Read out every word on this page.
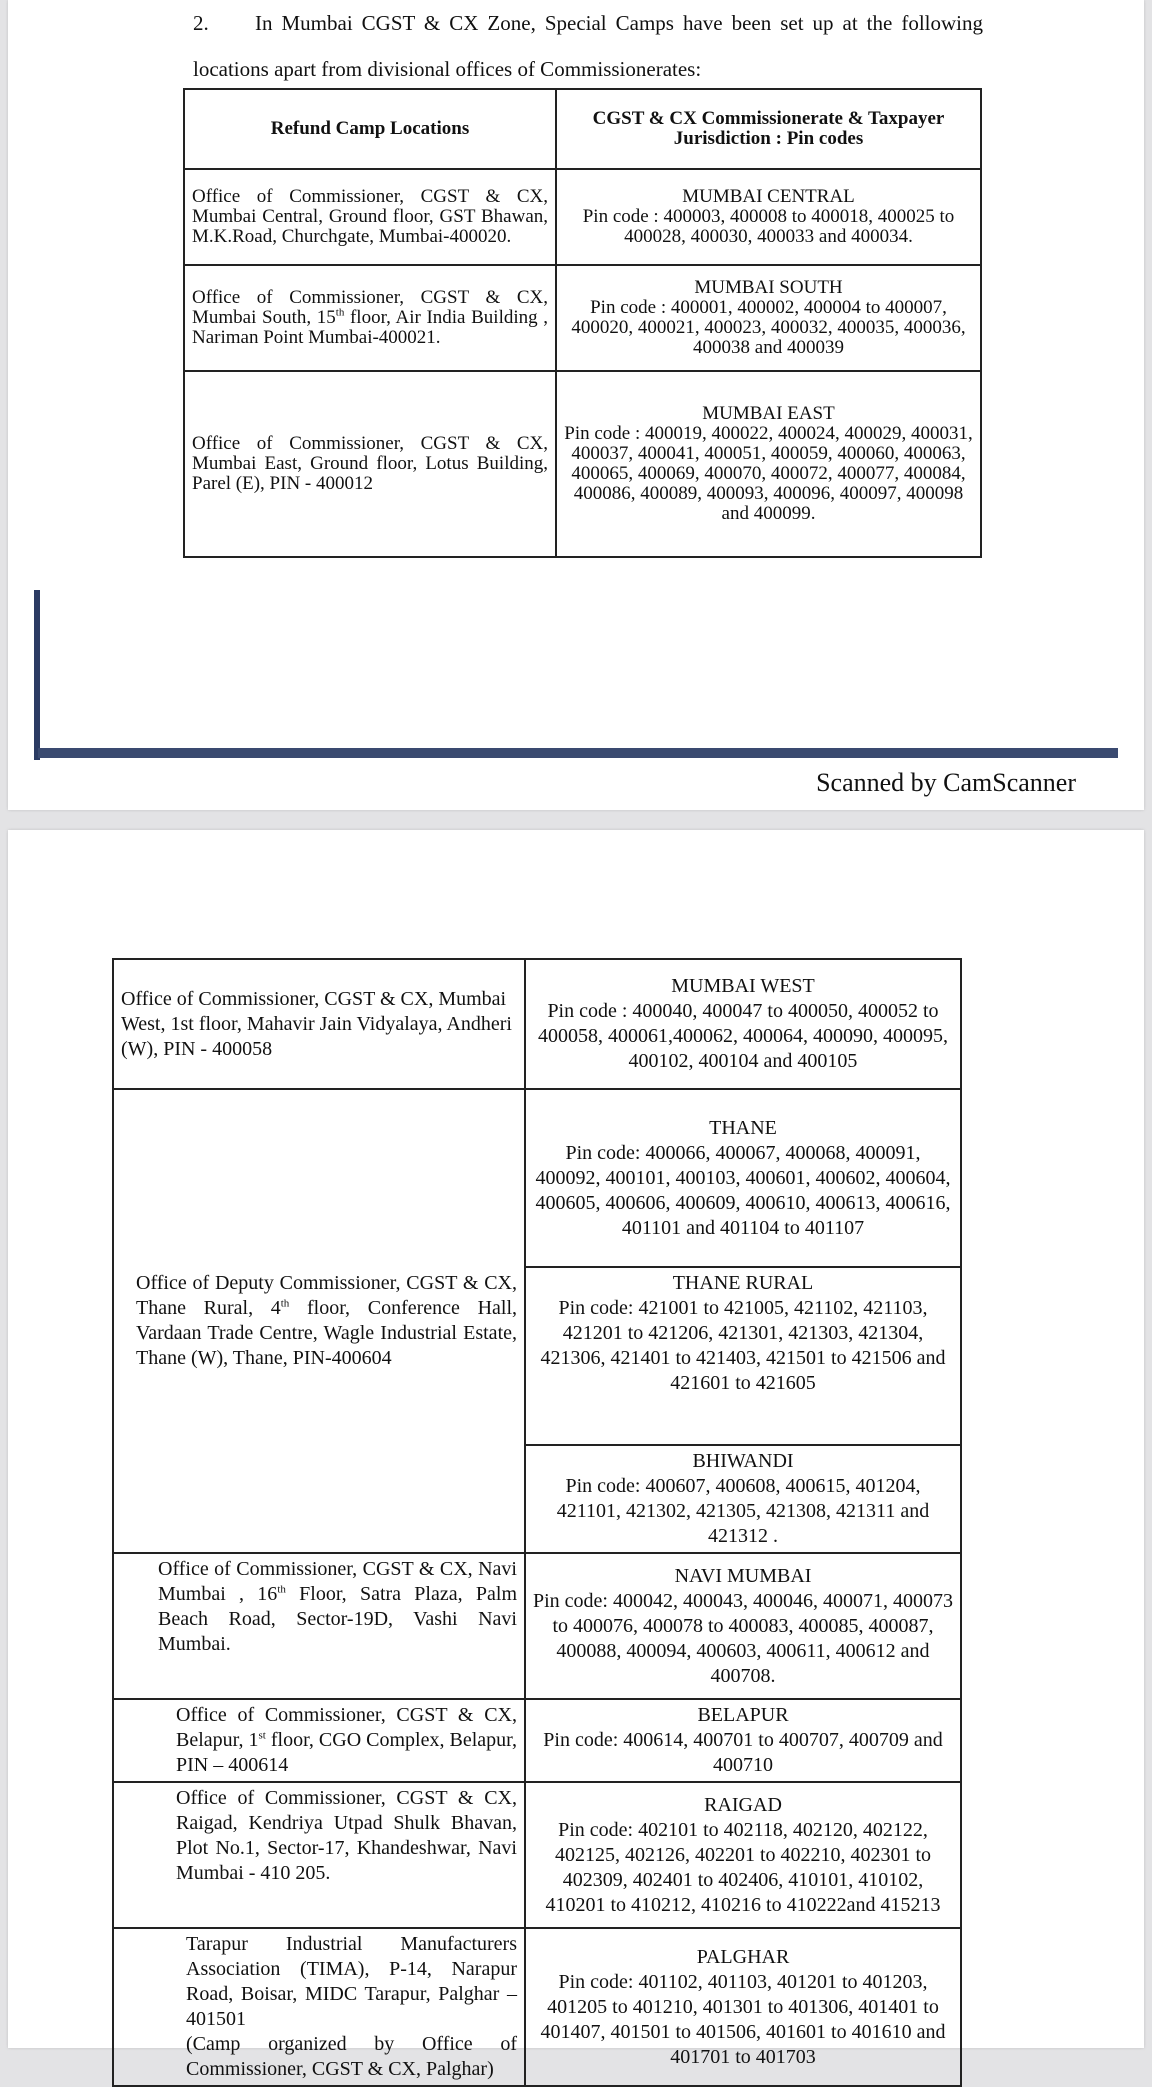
2. In Mumbai CGST & CX Zone, Special Camps have been set up at the following locations apart from divisional offices of Commissionerates:
Refund Camp Locations	CGST & CX Commissionerate & Taxpayer Jurisdiction : Pin codes
Office of Commissioner, CGST & CX, Mumbai Central, Ground floor, GST Bhawan, M.K.Road, Churchgate, Mumbai-400020.	MUMBAI CENTRAL
Pin code : 400003, 400008 to 400018, 400025 to 400028, 400030, 400033 and 400034.

Office of Commissioner, CGST & CX, Mumbai South, 15th floor, Air India Building , Nariman Point Mumbai-400021.	MUMBAI SOUTH
Pin code : 400001, 400002, 400004 to 400007, 400020, 400021, 400023, 400032, 400035, 400036, 400038 and 400039

Office of Commissioner, CGST & CX, Mumbai East, Ground floor, Lotus Building, Parel (E), PIN - 400012	MUMBAI EAST
Pin code : 400019, 400022, 400024, 400029, 400031, 400037, 400041, 400051, 400059, 400060, 400063, 400065, 400069, 400070, 400072, 400077, 400084, 400086, 400089, 400093, 400096, 400097, 400098 and 400099.
Scanned by CamScanner
Office of Commissioner, CGST & CX, Mumbai West, 1st floor, Mahavir Jain Vidyalaya, Andheri (W), PIN - 400058	MUMBAI WEST
Pin code : 400040, 400047 to 400050, 400052 to 400058, 400061,400062, 400064, 400090, 400095, 400102, 400104 and 400105

Office of Deputy Commissioner, CGST & CX, Thane Rural, 4th floor, Conference Hall, Vardaan Trade Centre, Wagle Industrial Estate, Thane (W), Thane, PIN-400604	THANE
Pin code: 400066, 400067, 400068, 400091, 400092, 400101, 400103, 400601, 400602, 400604, 400605, 400606, 400609, 400610, 400613, 400616, 401101 and 401104 to 401107

	THANE RURAL
Pin code: 421001 to 421005, 421102, 421103, 421201 to 421206, 421301, 421303, 421304, 421306, 421401 to 421403, 421501 to 421506 and 421601 to 421605

	BHIWANDI
Pin code: 400607, 400608, 400615, 401204, 421101, 421302, 421305, 421308, 421311 and 421312 .

Office of Commissioner, CGST & CX, Navi Mumbai , 16th Floor, Satra Plaza, Palm Beach Road, Sector-19D, Vashi Navi Mumbai.	NAVI MUMBAI
Pin code: 400042, 400043, 400046, 400071, 400073 to 400076, 400078 to 400083, 400085, 400087, 400088, 400094, 400603, 400611, 400612 and 400708.

Office of Commissioner, CGST & CX, Belapur, 1st floor, CGO Complex, Belapur, PIN – 400614	BELAPUR
Pin code: 400614, 400701 to 400707, 400709 and 400710

Office of Commissioner, CGST & CX, Raigad, Kendriya Utpad Shulk Bhavan, Plot No.1, Sector-17, Khandeshwar, Navi Mumbai - 410 205.	RAIGAD
Pin code: 402101 to 402118, 402120, 402122, 402125, 402126, 402201 to 402210, 402301 to 402309, 402401 to 402406, 410101, 410102, 410201 to 410212, 410216 to 410222and 415213

Tarapur Industrial Manufacturers Association (TIMA), P-14, Narapur Road, Boisar, MIDC Tarapur, Palghar – 401501
(Camp organized by Office of Commissioner, CGST & CX, Palghar)	PALGHAR
Pin code: 401102, 401103, 401201 to 401203, 401205 to 401210, 401301 to 401306, 401401 to 401407, 401501 to 401506, 401601 to 401610 and 401701 to 401703
